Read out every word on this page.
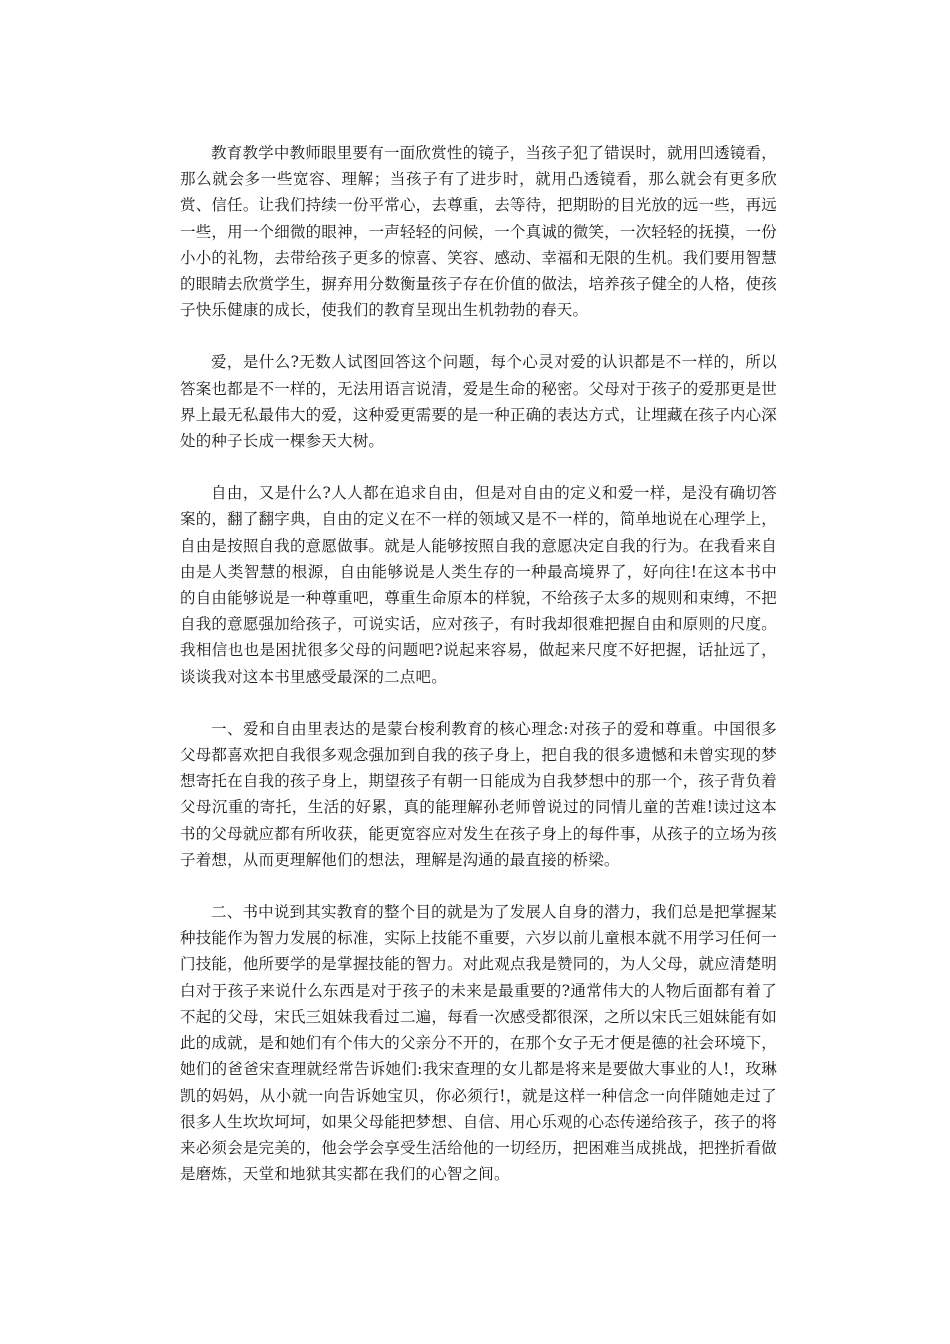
教育教学中教师眼里要有一面欣赏性的镜子，当孩子犯了错误时，就用凹透镜看，那么就会多一些宽容、理解；当孩子有了进步时，就用凸透镜看，那么就会有更多欣赏、信任。让我们持续一份平常心，去尊重，去等待，把期盼的目光放的远一些，再远一些，用一个细微的眼神，一声轻轻的问候，一个真诚的微笑，一次轻轻的抚摸，一份小小的礼物，去带给孩子更多的惊喜、笑容、感动、幸福和无限的生机。我们要用智慧的眼睛去欣赏学生，摒弃用分数衡量孩子存在价值的做法，培养孩子健全的人格，使孩子快乐健康的成长，使我们的教育呈现出生机勃勃的春天。

爱，是什么?无数人试图回答这个问题，每个心灵对爱的认识都是不一样的，所以答案也都是不一样的，无法用语言说清，爱是生命的秘密。父母对于孩子的爱那更是世界上最无私最伟大的爱，这种爱更需要的是一种正确的表达方式，让埋藏在孩子内心深处的种子长成一棵参天大树。

自由，又是什么?人人都在追求自由，但是对自由的定义和爱一样，是没有确切答案的，翻了翻字典，自由的定义在不一样的领域又是不一样的，简单地说在心理学上，自由是按照自我的意愿做事。就是人能够按照自我的意愿决定自我的行为。在我看来自由是人类智慧的根源，自由能够说是人类生存的一种最高境界了，好向往!在这本书中的自由能够说是一种尊重吧，尊重生命原本的样貌，不给孩子太多的规则和束缚，不把自我的意愿强加给孩子，可说实话，应对孩子，有时我却很难把握自由和原则的尺度。我相信也也是困扰很多父母的问题吧?说起来容易，做起来尺度不好把握，话扯远了，谈谈我对这本书里感受最深的二点吧。

一、爱和自由里表达的是蒙台梭利教育的核心理念:对孩子的爱和尊重。中国很多父母都喜欢把自我很多观念强加到自我的孩子身上，把自我的很多遗憾和未曾实现的梦想寄托在自我的孩子身上，期望孩子有朝一日能成为自我梦想中的那一个，孩子背负着父母沉重的寄托，生活的好累，真的能理解孙老师曾说过的同情儿童的苦难!读过这本书的父母就应都有所收获，能更宽容应对发生在孩子身上的每件事，从孩子的立场为孩子着想，从而更理解他们的想法，理解是沟通的最直接的桥梁。

二、书中说到其实教育的整个目的就是为了发展人自身的潜力，我们总是把掌握某种技能作为智力发展的标准，实际上技能不重要，六岁以前儿童根本就不用学习任何一门技能，他所要学的是掌握技能的智力。对此观点我是赞同的，为人父母，就应清楚明白对于孩子来说什么东西是对于孩子的未来是最重要的?通常伟大的人物后面都有着了不起的父母，宋氏三姐妹我看过二遍，每看一次感受都很深，之所以宋氏三姐妹能有如此的成就，是和她们有个伟大的父亲分不开的，在那个女子无才便是德的社会环境下，她们的爸爸宋查理就经常告诉她们:我宋查理的女儿都是将来是要做大事业的人!，玫琳凯的妈妈，从小就一向告诉她宝贝，你必须行!，就是这样一种信念一向伴随她走过了很多人生坎坎坷坷，如果父母能把梦想、自信、用心乐观的心态传递给孩子，孩子的将来必须会是完美的，他会学会享受生活给他的一切经历，把困难当成挑战，把挫折看做是磨炼，天堂和地狱其实都在我们的心智之间。
